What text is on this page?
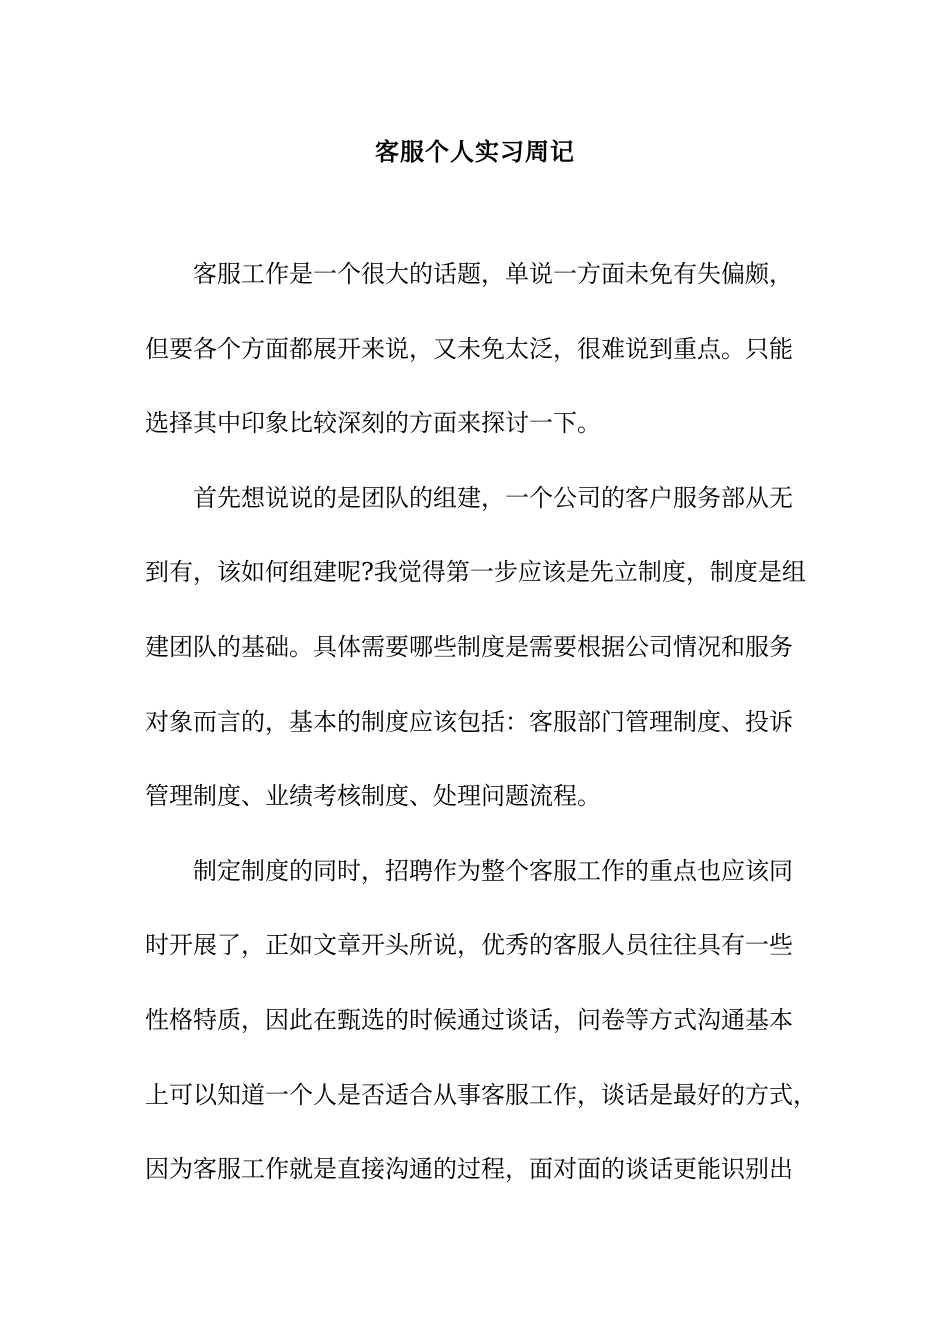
客服个人实习周记
客服工作是一个很大的话题，单说一方面未免有失偏颇，
但要各个方面都展开来说，又未免太泛，很难说到重点。只能
选择其中印象比较深刻的方面来探讨一下。
首先想说说的是团队的组建，一个公司的客户服务部从无
到有，该如何组建呢?我觉得第一步应该是先立制度，制度是组
建团队的基础。具体需要哪些制度是需要根据公司情况和服务
对象而言的，基本的制度应该包括：客服部门管理制度、投诉
管理制度、业绩考核制度、处理问题流程。
制定制度的同时，招聘作为整个客服工作的重点也应该同
时开展了，正如文章开头所说，优秀的客服人员往往具有一些
性格特质，因此在甄选的时候通过谈话，问卷等方式沟通基本
上可以知道一个人是否适合从事客服工作，谈话是最好的方式，
因为客服工作就是直接沟通的过程，面对面的谈话更能识别出
